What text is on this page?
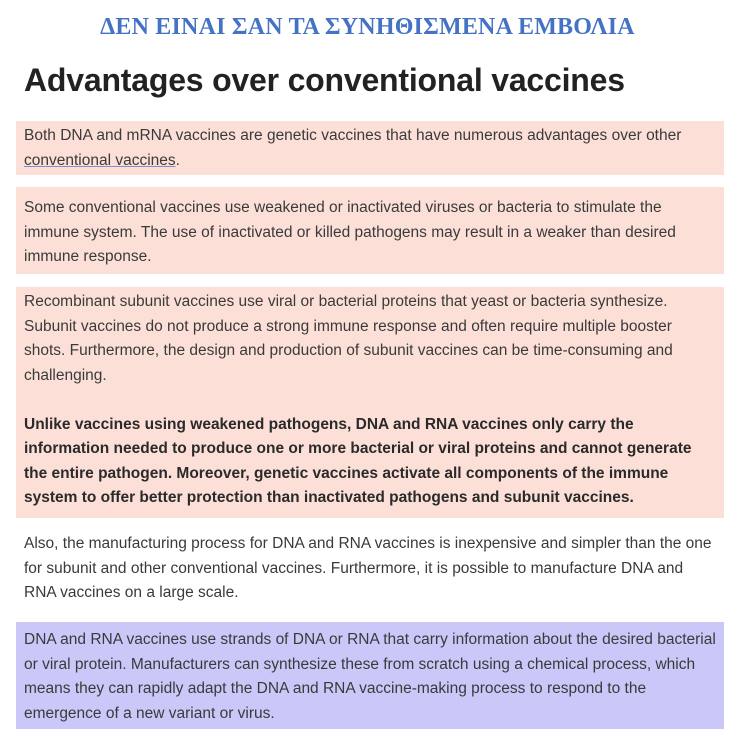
ΔΕΝ ΕΙΝΑΙ ΣΑΝ ΤΑ ΣΥΝΗΘΙΣΜΕΝΑ ΕΜΒΟΛΙΑ
Advantages over conventional vaccines

Both DNA and mRNA vaccines are genetic vaccines that have numerous advantages over other conventional vaccines.

Some conventional vaccines use weakened or inactivated viruses or bacteria to stimulate the immune system. The use of inactivated or killed pathogens may result in a weaker than desired immune response.

Recombinant subunit vaccines use viral or bacterial proteins that yeast or bacteria synthesize. Subunit vaccines do not produce a strong immune response and often require multiple booster shots. Furthermore, the design and production of subunit vaccines can be time-consuming and challenging.

Unlike vaccines using weakened pathogens, DNA and RNA vaccines only carry the information needed to produce one or more bacterial or viral proteins and cannot generate the entire pathogen. Moreover, genetic vaccines activate all components of the immune system to offer better protection than inactivated pathogens and subunit vaccines.

Also, the manufacturing process for DNA and RNA vaccines is inexpensive and simpler than the one for subunit and other conventional vaccines. Furthermore, it is possible to manufacture DNA and RNA vaccines on a large scale.

DNA and RNA vaccines use strands of DNA or RNA that carry information about the desired bacterial or viral protein. Manufacturers can synthesize these from scratch using a chemical process, which means they can rapidly adapt the DNA and RNA vaccine-making process to respond to the emergence of a new variant or virus.
